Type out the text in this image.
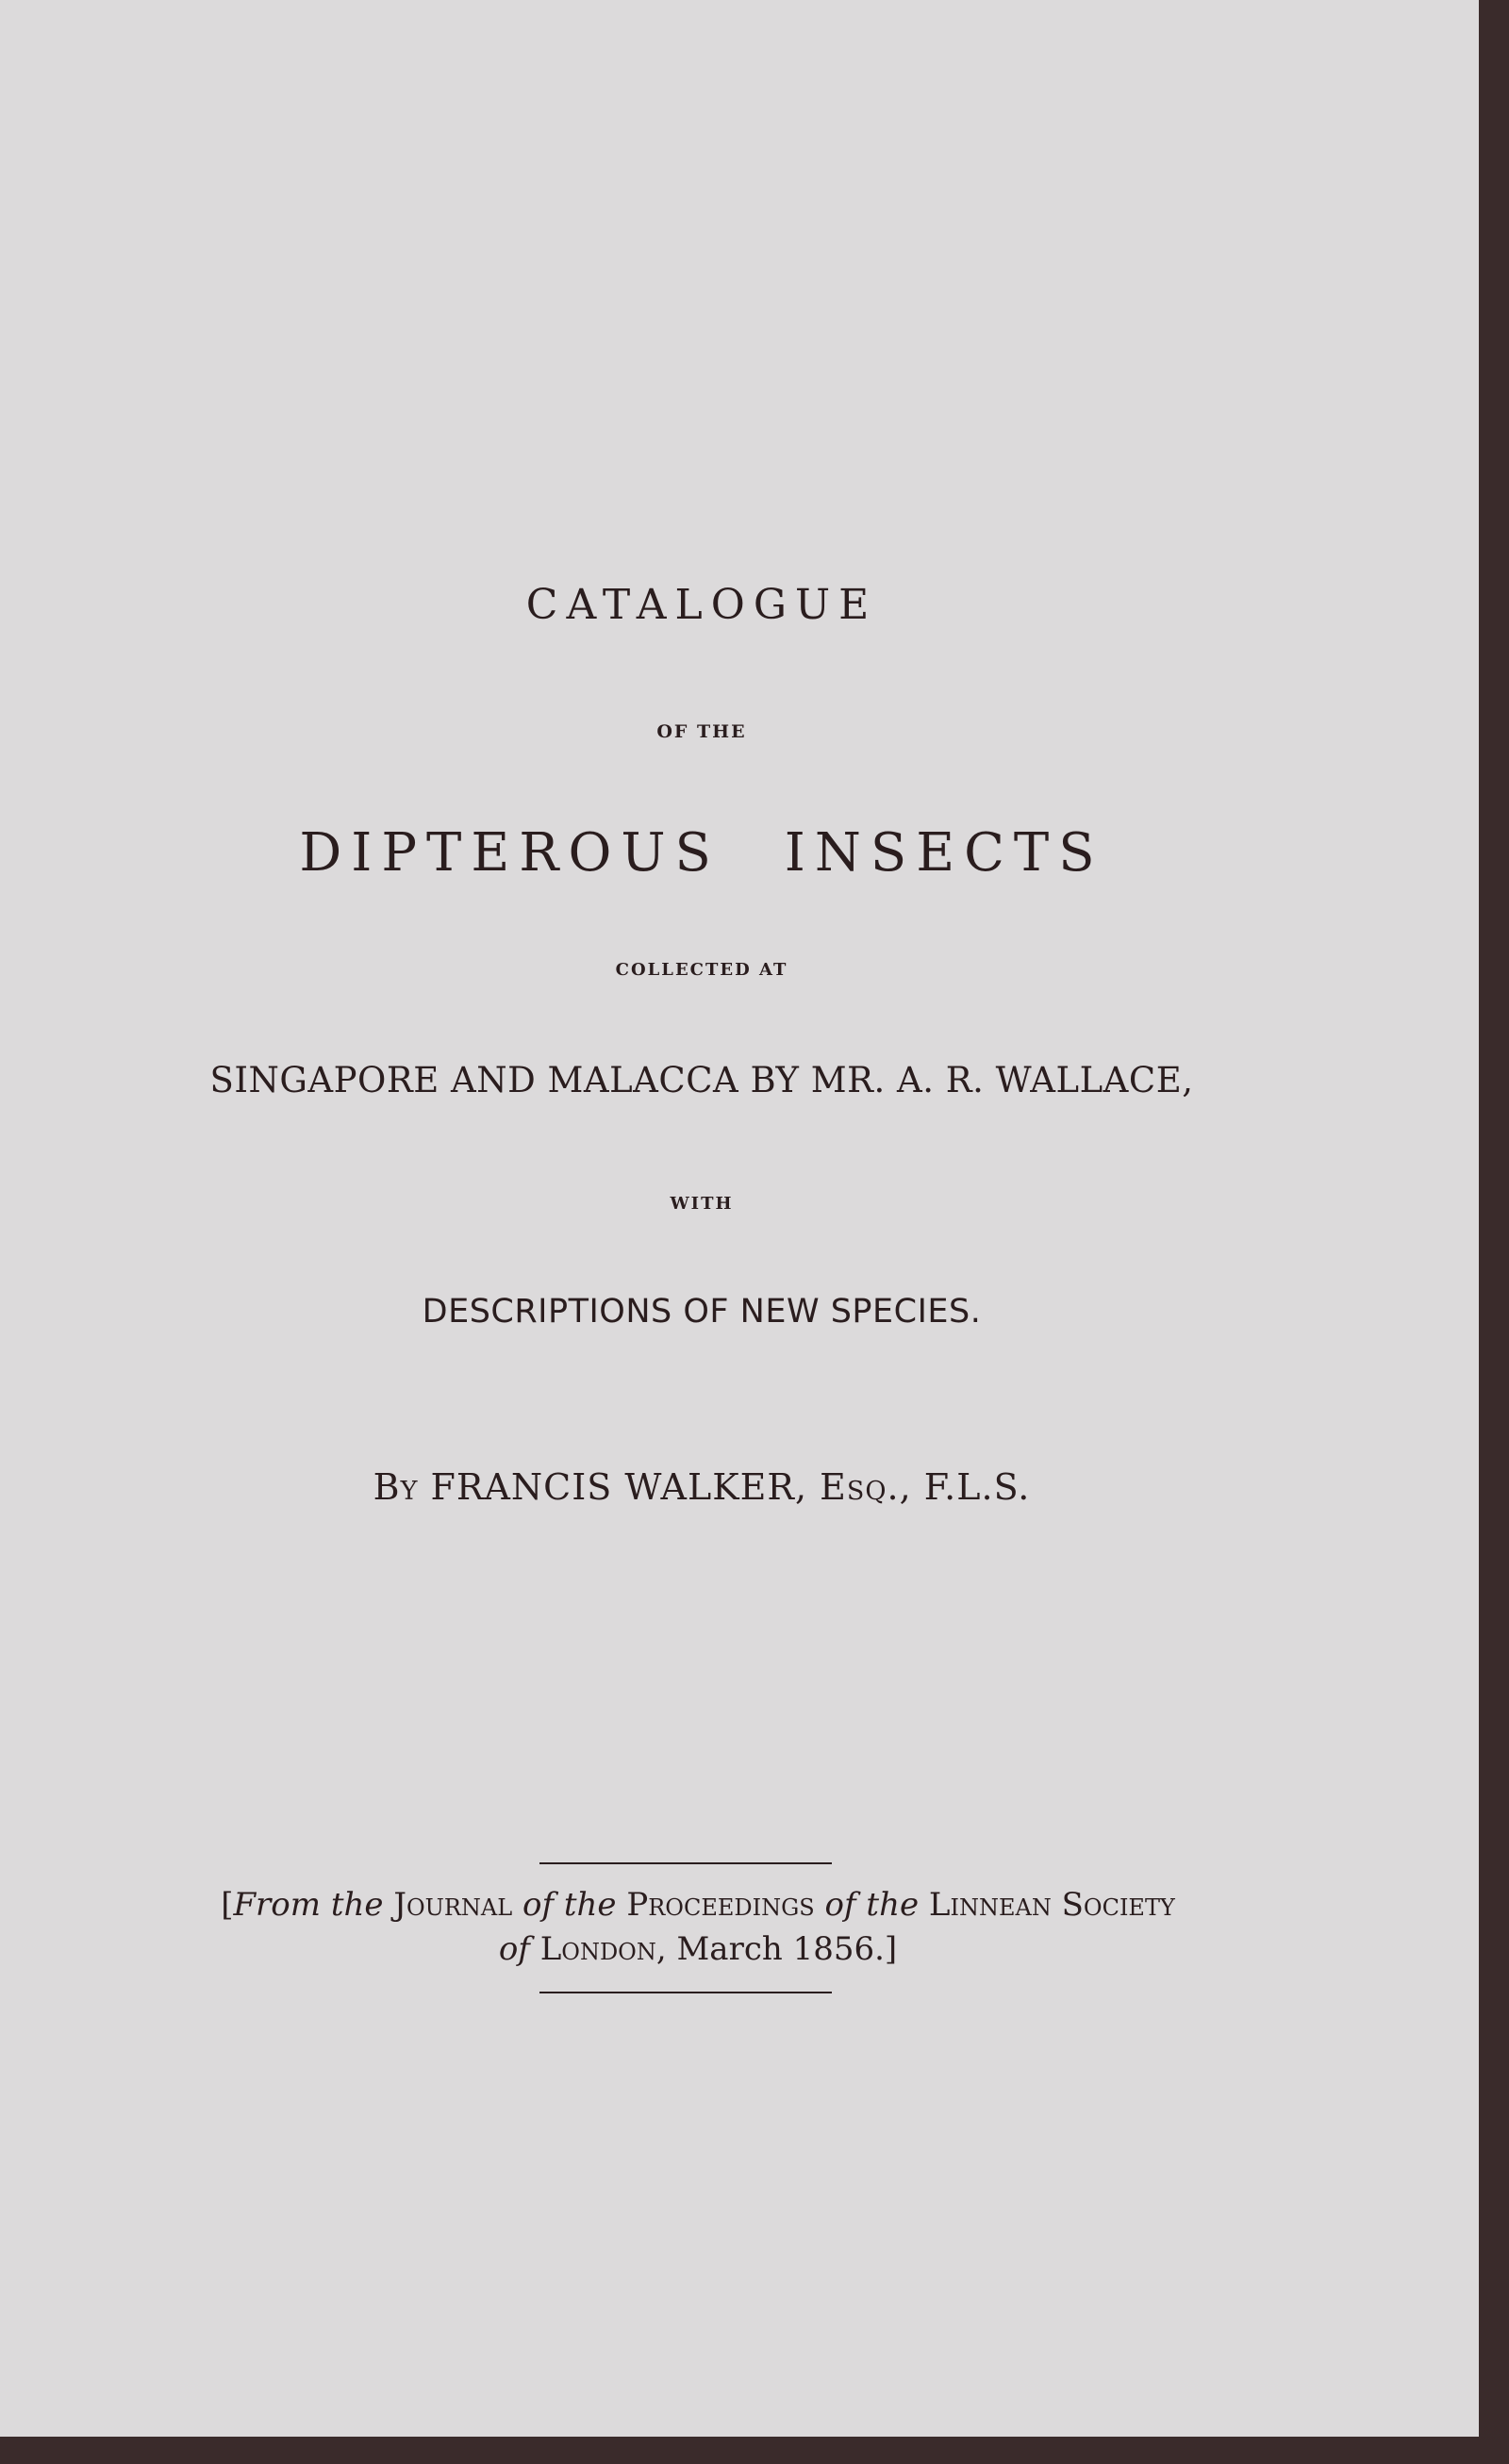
CATALOGUE
OF THE
DIPTEROUS INSECTS
COLLECTED AT
SINGAPORE AND MALACCA BY MR. A. R. WALLACE,
WITH
DESCRIPTIONS OF NEW SPECIES.
By FRANCIS WALKER, Esq., F.L.S.
[From the Journal of the Proceedings of the Linnean Society
of London, March 1856.]
